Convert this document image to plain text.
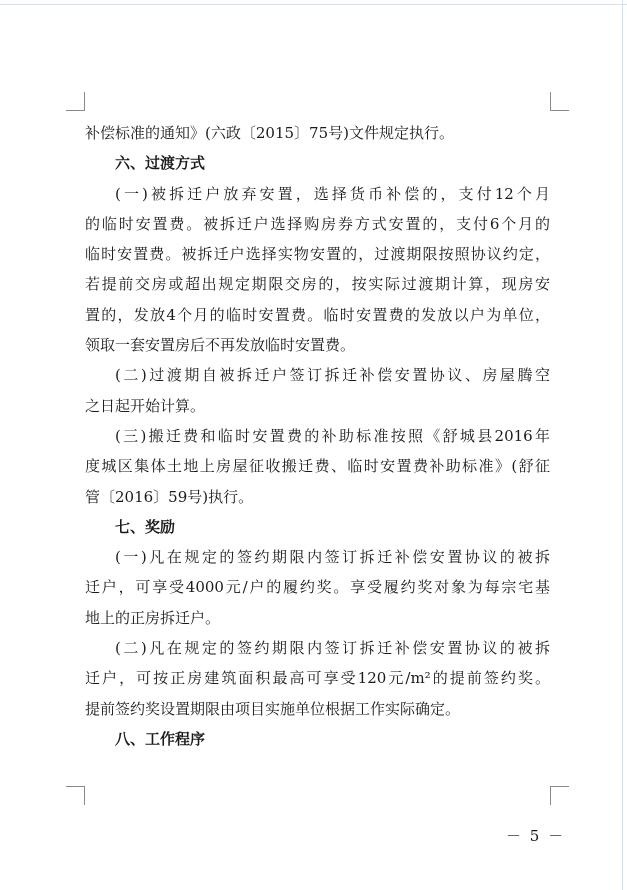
补偿标准的通知》(六政〔2015〕75号)文件规定执行。
六、过渡方式
(一)被拆迁户放弃安置，选择货币补偿的，支付12个月
的临时安置费。被拆迁户选择购房券方式安置的，支付6个月的
临时安置费。被拆迁户选择实物安置的，过渡期限按照协议约定，
若提前交房或超出规定期限交房的，按实际过渡期计算，现房安
置的，发放4个月的临时安置费。临时安置费的发放以户为单位，
领取一套安置房后不再发放临时安置费。
(二)过渡期自被拆迁户签订拆迁补偿安置协议、房屋腾空
之日起开始计算。
(三)搬迁费和临时安置费的补助标准按照《舒城县2016年
度城区集体土地上房屋征收搬迁费、临时安置费补助标准》(舒征
管〔2016〕59号)执行。
七、奖励
(一)凡在规定的签约期限内签订拆迁补偿安置协议的被拆
迁户，可享受4000元/户的履约奖。享受履约奖对象为每宗宅基
地上的正房拆迁户。
(二)凡在规定的签约期限内签订拆迁补偿安置协议的被拆
迁户，可按正房建筑面积最高可享受120元/m²的提前签约奖。
提前签约奖设置期限由项目实施单位根据工作实际确定。
八、工作程序
－ 5 －
